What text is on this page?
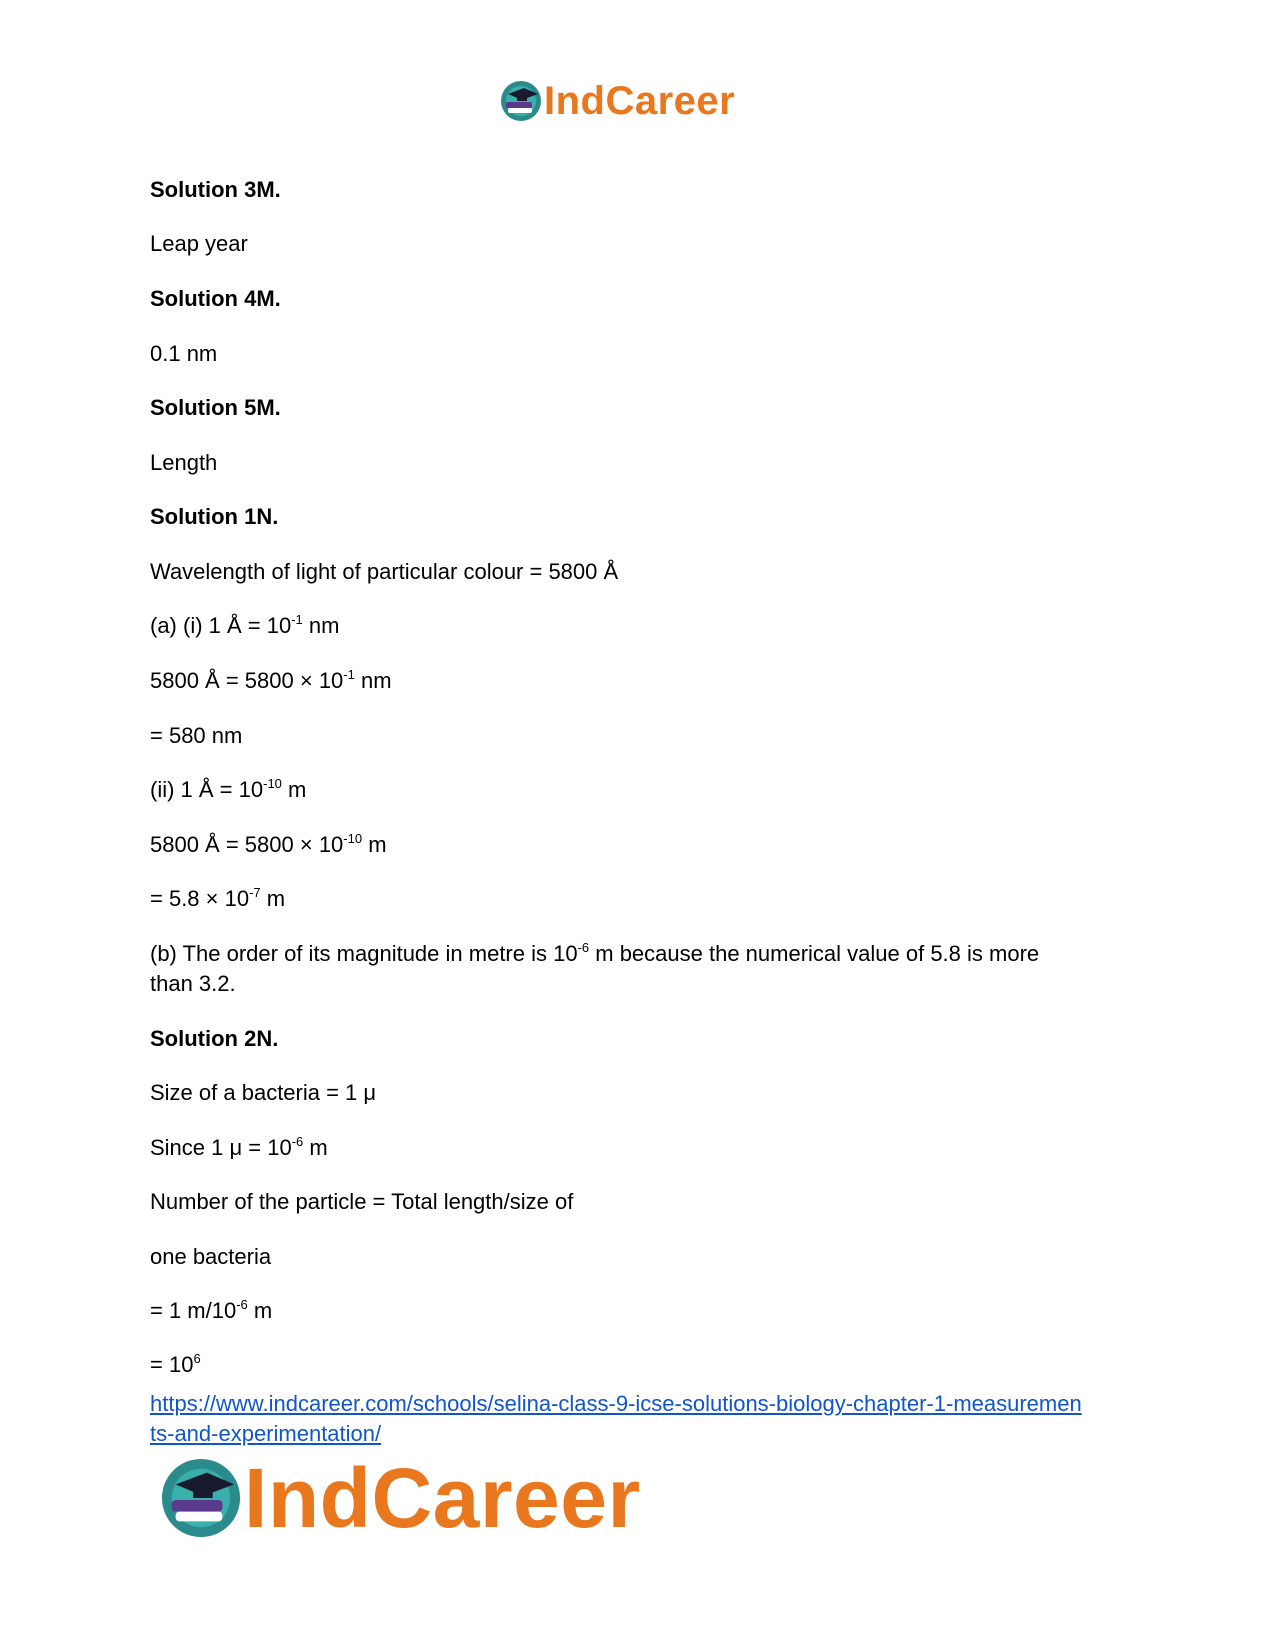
IndCareer
Solution 3M.
Leap year
Solution 4M.
0.1 nm
Solution 5M.
Length
Solution 1N.
Wavelength of light of particular colour = 5800 Å
(a) (i) 1 Å = $10^{-1}$ nm
5800 Å = $5800 \times 10^{-1}$ nm
= 580 nm
(ii) 1 Å = $10^{-10}$ m
5800 Å = $5800 \times 10^{-10}$ m
= $5.8 \times 10^{-7}$ m
(b) The order of its magnitude in metre is $10^{-6}$ m because the numerical value of 5.8 is more
than 3.2.
Solution 2N.
Size of a bacteria = 1 μ
Since 1 $\mu = 10^{-6}$ m
Number of the particle = Total length/size of
one bacteria
= 1 $m/10^{-6}$ m
= $10^6$
https://www.indcareer.com/schools/selina-class-9-icse-solutions-biology-chapter-1-measuremen
ts-and-experimentation/
IndCareer
